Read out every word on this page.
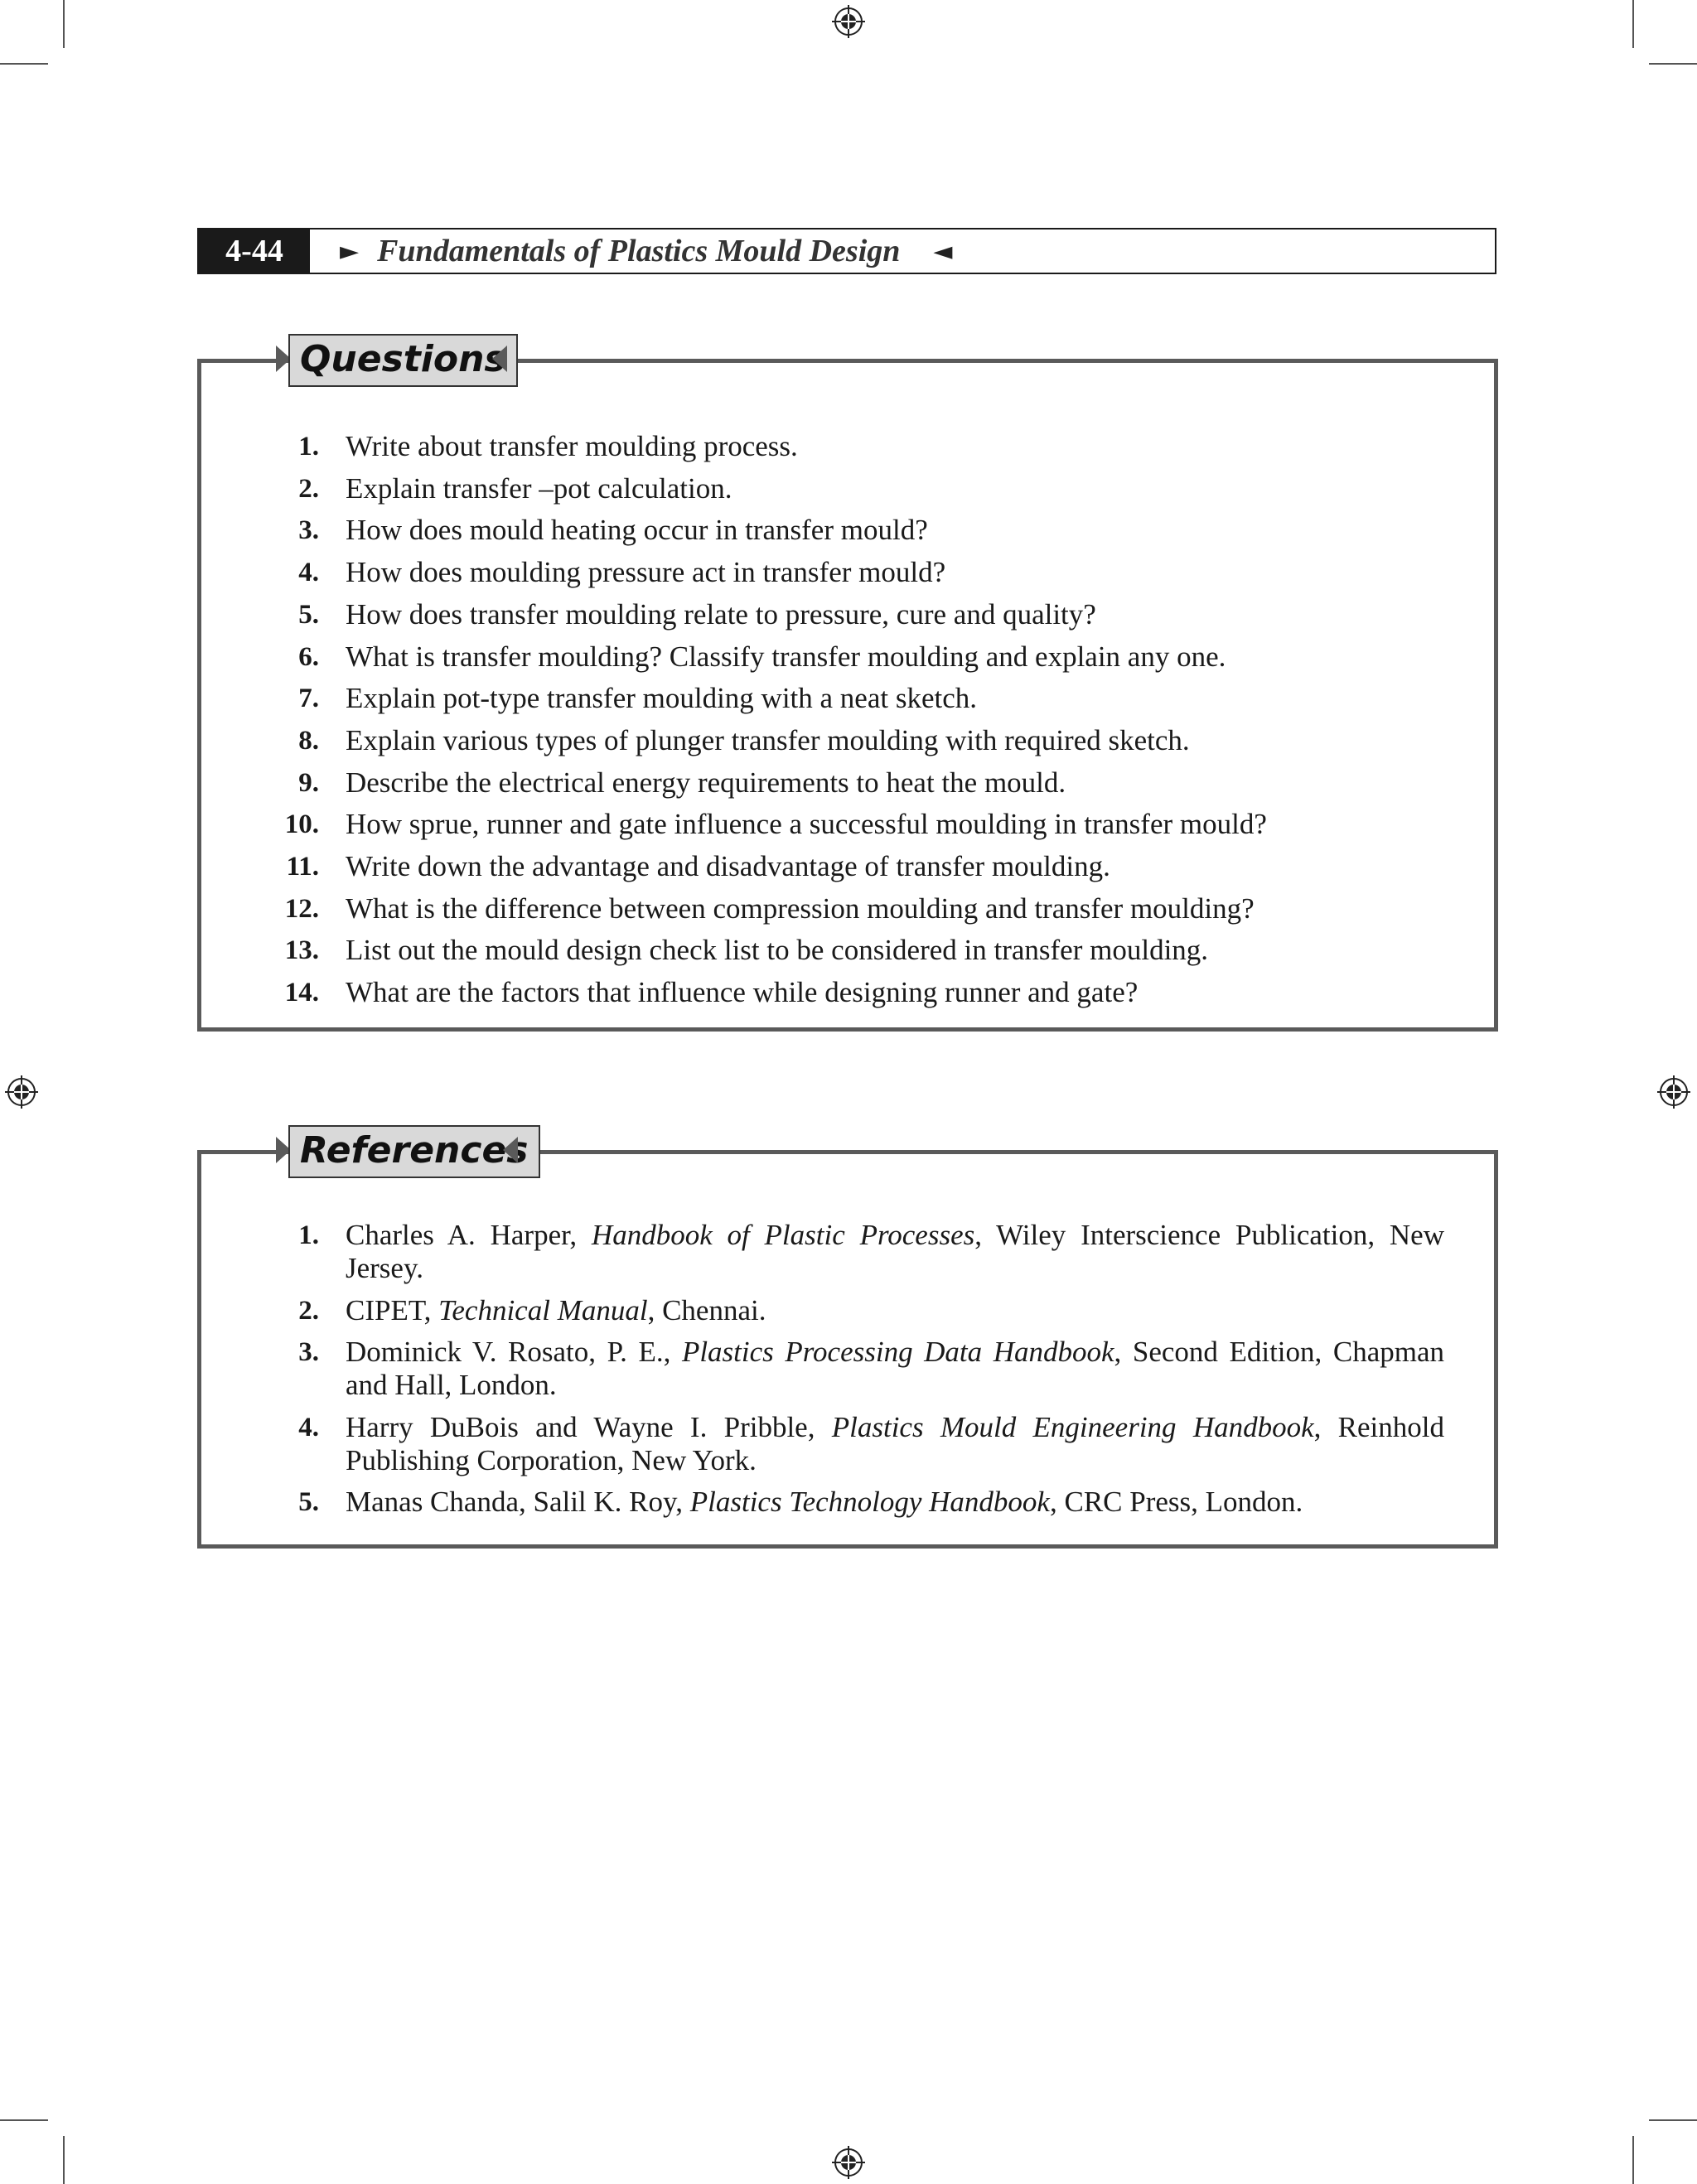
4-44	► Fundamentals of Plastics Mould Design ◄
Questions
1. Write about transfer moulding process.
2. Explain transfer –pot calculation.
3. How does mould heating occur in transfer mould?
4. How does moulding pressure act in transfer mould?
5. How does transfer moulding relate to pressure, cure and quality?
6. What is transfer moulding? Classify transfer moulding and explain any one.
7. Explain pot-type transfer moulding with a neat sketch.
8. Explain various types of plunger transfer moulding with required sketch.
9. Describe the electrical energy requirements to heat the mould.
10. How sprue, runner and gate influence a successful moulding in transfer mould?
11. Write down the advantage and disadvantage of transfer moulding.
12. What is the difference between compression moulding and transfer moulding?
13. List out the mould design check list to be considered in transfer moulding.
14. What are the factors that influence while designing runner and gate?
References
1. Charles A. Harper, Handbook of Plastic Processes, Wiley Interscience Publication, New Jersey.
2. CIPET, Technical Manual, Chennai.
3. Dominick V. Rosato, P. E., Plastics Processing Data Handbook, Second Edition, Chapman and Hall, London.
4. Harry DuBois and Wayne I. Pribble, Plastics Mould Engineering Handbook, Reinhold Publishing Corporation, New York.
5. Manas Chanda, Salil K. Roy, Plastics Technology Handbook, CRC Press, London.
